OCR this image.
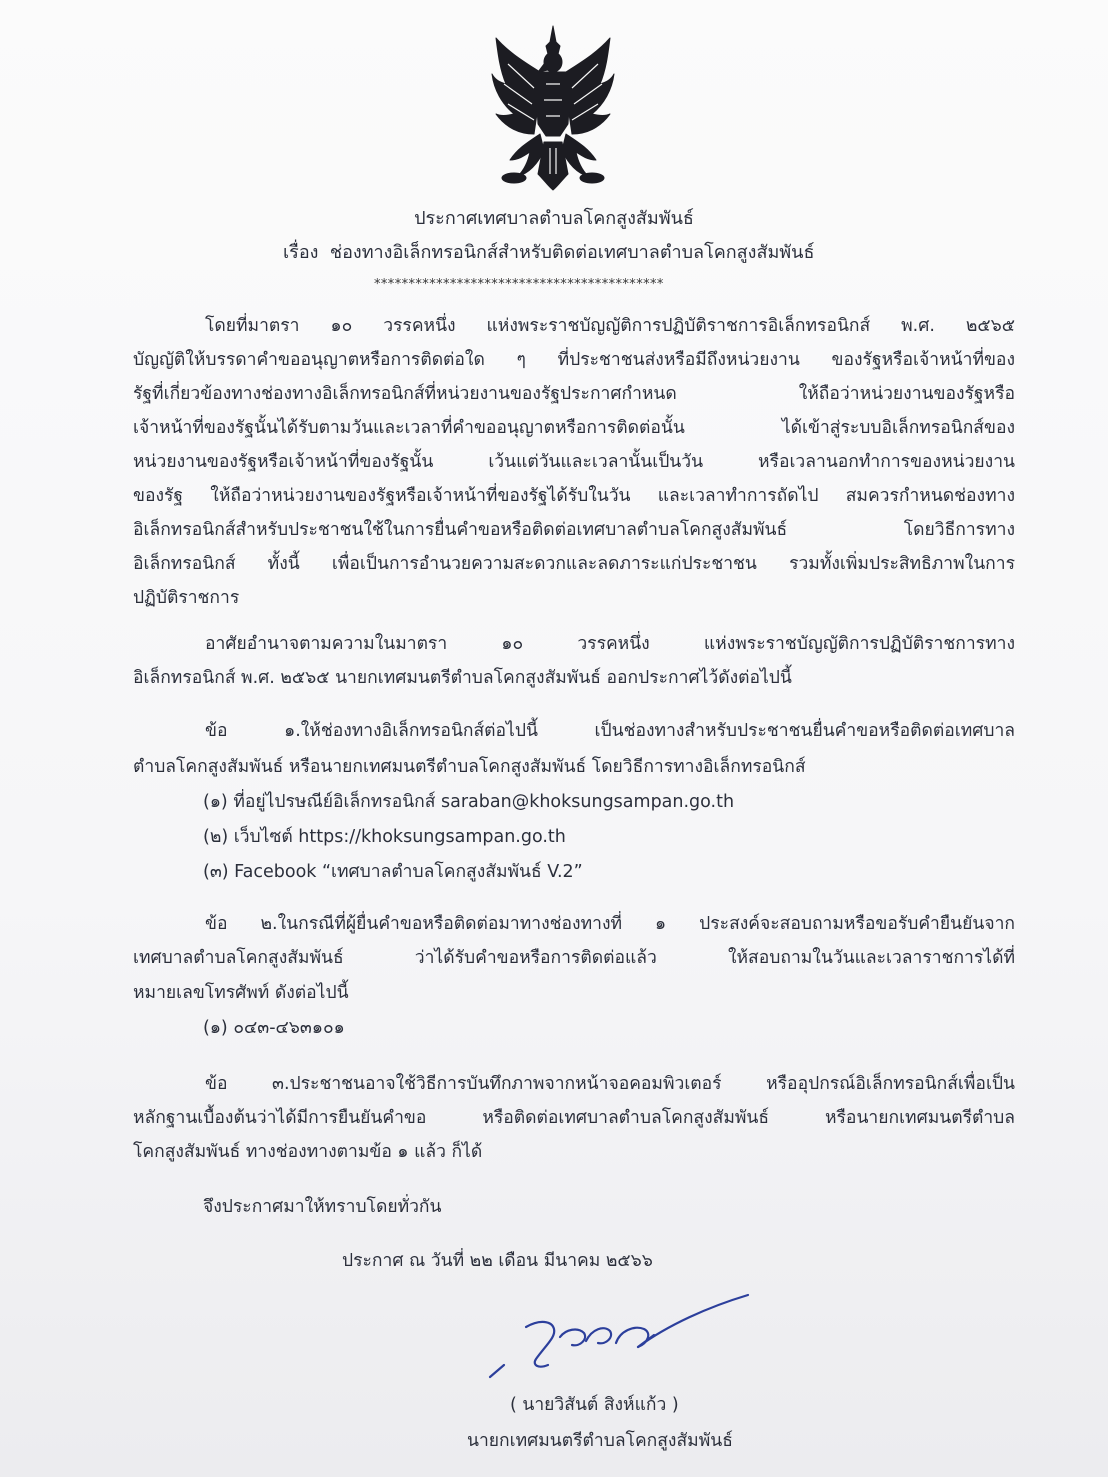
ประกาศเทศบาลตำบลโคกสูงสัมพันธ์
เรื่อง ช่องทางอิเล็กทรอนิกส์สำหรับติดต่อเทศบาลตำบลโคกสูงสัมพันธ์
******************************************
โดยที่มาตรา ๑๐ วรรคหนึ่ง แห่งพระราชบัญญัติการปฏิบัติราชการอิเล็กทรอนิกส์ พ.ศ. ๒๕๖๕
บัญญัติให้บรรดาคำขออนุญาตหรือการติดต่อใด ๆ ที่ประชาชนส่งหรือมีถึงหน่วยงาน ของรัฐหรือเจ้าหน้าที่ของ
รัฐที่เกี่ยวข้องทางช่องทางอิเล็กทรอนิกส์ที่หน่วยงานของรัฐประกาศกำหนด ให้ถือว่าหน่วยงานของรัฐหรือ
เจ้าหน้าที่ของรัฐนั้นได้รับตามวันและเวลาที่คำขออนุญาตหรือการติดต่อนั้น ได้เข้าสู่ระบบอิเล็กทรอนิกส์ของ
หน่วยงานของรัฐหรือเจ้าหน้าที่ของรัฐนั้น เว้นแต่วันและเวลานั้นเป็นวัน หรือเวลานอกทำการของหน่วยงาน
ของรัฐ ให้ถือว่าหน่วยงานของรัฐหรือเจ้าหน้าที่ของรัฐได้รับในวัน และเวลาทำการถัดไป สมควรกำหนดช่องทาง
อิเล็กทรอนิกส์สำหรับประชาชนใช้ในการยื่นคำขอหรือติดต่อเทศบาลตำบลโคกสูงสัมพันธ์ โดยวิธีการทาง
อิเล็กทรอนิกส์ ทั้งนี้ เพื่อเป็นการอำนวยความสะดวกและลดภาระแก่ประชาชน รวมทั้งเพิ่มประสิทธิภาพในการ
ปฏิบัติราชการ
อาศัยอำนาจตามความในมาตรา ๑๐ วรรคหนึ่ง แห่งพระราชบัญญัติการปฏิบัติราชการทาง
อิเล็กทรอนิกส์ พ.ศ. ๒๕๖๕ นายกเทศมนตรีตำบลโคกสูงสัมพันธ์ ออกประกาศไว้ดังต่อไปนี้
ข้อ ๑.ให้ช่องทางอิเล็กทรอนิกส์ต่อไปนี้ เป็นช่องทางสำหรับประชาชนยื่นคำขอหรือติดต่อเทศบาล
ตำบลโคกสูงสัมพันธ์ หรือนายกเทศมนตรีตำบลโคกสูงสัมพันธ์ โดยวิธีการทางอิเล็กทรอนิกส์
(๑) ที่อยู่ไปรษณีย์อิเล็กทรอนิกส์ saraban@khoksungsampan.go.th
(๒) เว็บไซต์ https://khoksungsampan.go.th
(๓) Facebook “เทศบาลตำบลโคกสูงสัมพันธ์ V.2”
ข้อ ๒.ในกรณีที่ผู้ยื่นคำขอหรือติดต่อมาทางช่องทางที่ ๑ ประสงค์จะสอบถามหรือขอรับคำยืนยันจาก
เทศบาลตำบลโคกสูงสัมพันธ์ ว่าได้รับคำขอหรือการติดต่อแล้ว ให้สอบถามในวันและเวลาราชการได้ที่
หมายเลขโทรศัพท์ ดังต่อไปนี้
(๑) ๐๔๓-๔๖๓๑๐๑
ข้อ ๓.ประชาชนอาจใช้วิธีการบันทึกภาพจากหน้าจอคอมพิวเตอร์ หรืออุปกรณ์อิเล็กทรอนิกส์เพื่อเป็น
หลักฐานเบื้องต้นว่าได้มีการยืนยันคำขอ หรือติดต่อเทศบาลตำบลโคกสูงสัมพันธ์ หรือนายกเทศมนตรีตำบล
โคกสูงสัมพันธ์ ทางช่องทางตามข้อ ๑ แล้ว ก็ได้
จึงประกาศมาให้ทราบโดยทั่วกัน
ประกาศ ณ วันที่ ๒๒ เดือน มีนาคม ๒๕๖๖
( นายวิสันต์ สิงห์แก้ว )
นายกเทศมนตรีตำบลโคกสูงสัมพันธ์
